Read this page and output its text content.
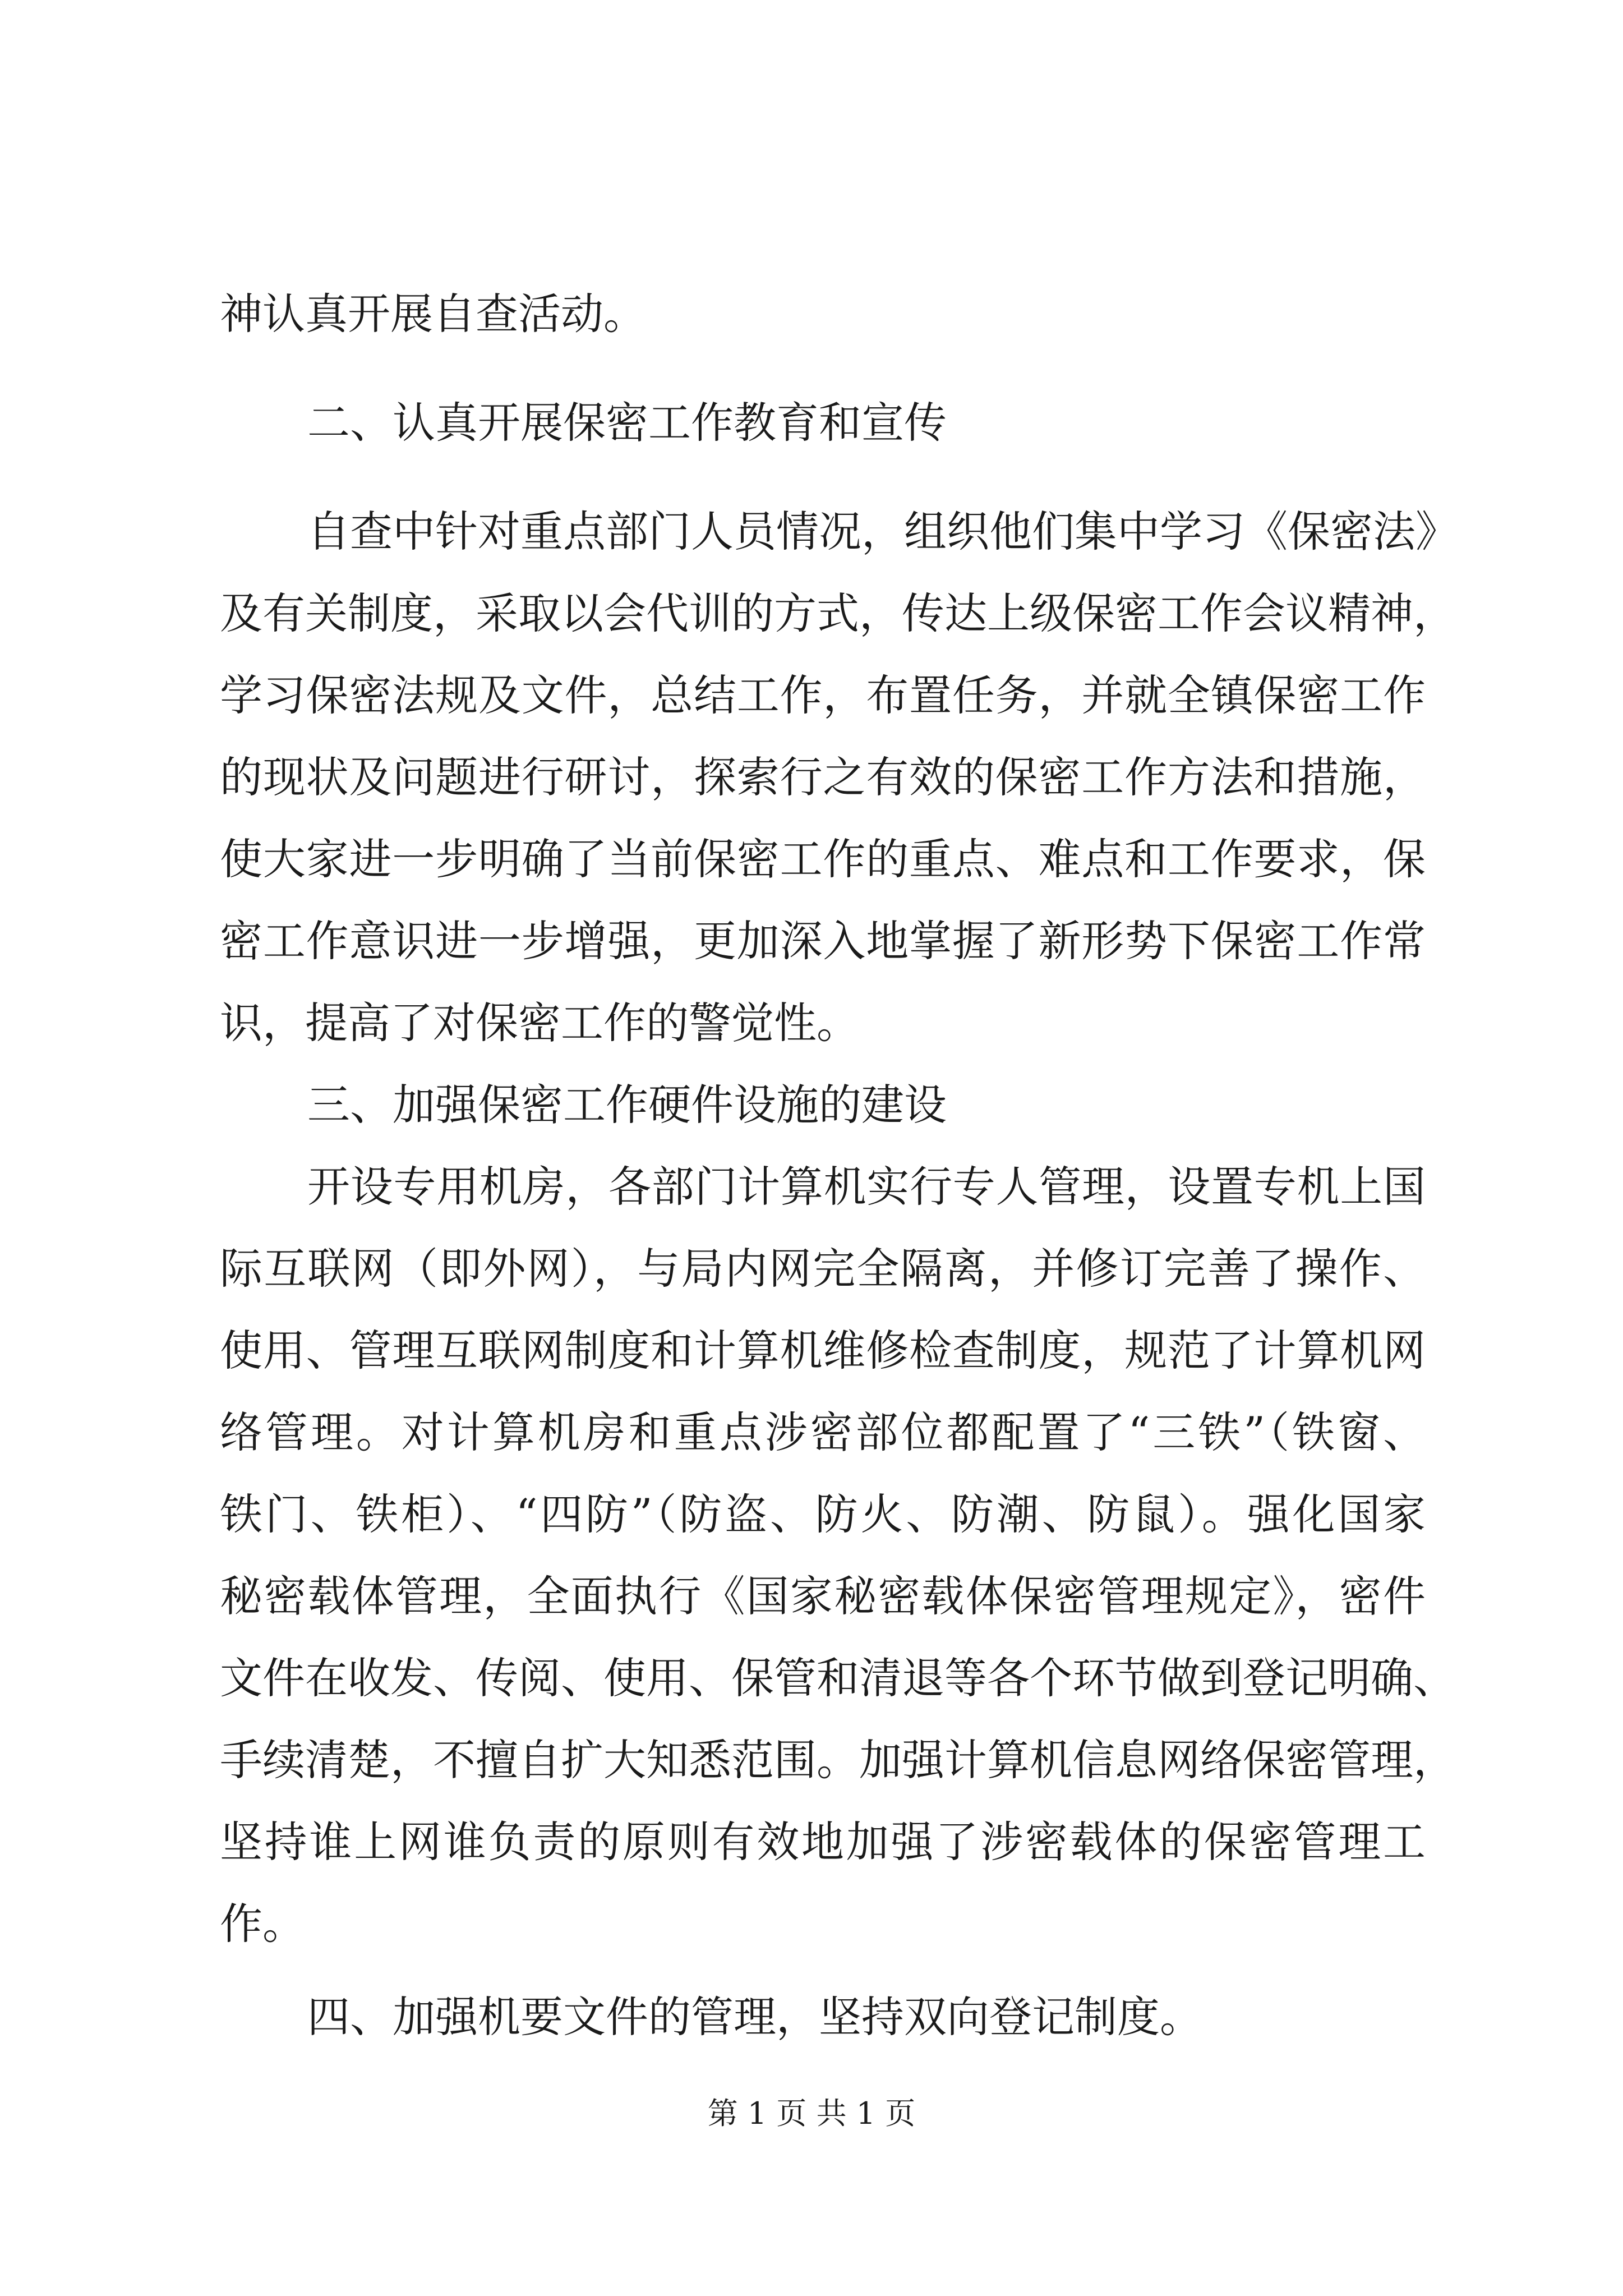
神认真开展自查活动。
二、认真开展保密工作教育和宣传
自查中针对重点部门人员情况，组织他们集中学习《保密法》
及有关制度，采取以会代训的方式，传达上级保密工作会议精神，
学习保密法规及文件，总结工作，布置任务，并就全镇保密工作
的现状及问题进行研讨，探索行之有效的保密工作方法和措施，
使大家进一步明确了当前保密工作的重点、难点和工作要求，保
密工作意识进一步增强，更加深入地掌握了新形势下保密工作常
识，提高了对保密工作的警觉性。
三、加强保密工作硬件设施的建设
开设专用机房，各部门计算机实行专人管理，设置专机上国
际互联网（即外网），与局内网完全隔离，并修订完善了操作、
使用、管理互联网制度和计算机维修检查制度，规范了计算机网
络管理。对计算机房和重点涉密部位都配置了“三铁”（铁窗、
铁门、铁柜）、“四防”（防盗、防火、防潮、防鼠）。强化国家
秘密载体管理，全面执行《国家秘密载体保密管理规定》，密件
文件在收发、传阅、使用、保管和清退等各个环节做到登记明确、
手续清楚，不擅自扩大知悉范围。加强计算机信息网络保密管理，
坚持谁上网谁负责的原则有效地加强了涉密载体的保密管理工
作。
四、加强机要文件的管理，坚持双向登记制度。
第 1 页 共 1 页
